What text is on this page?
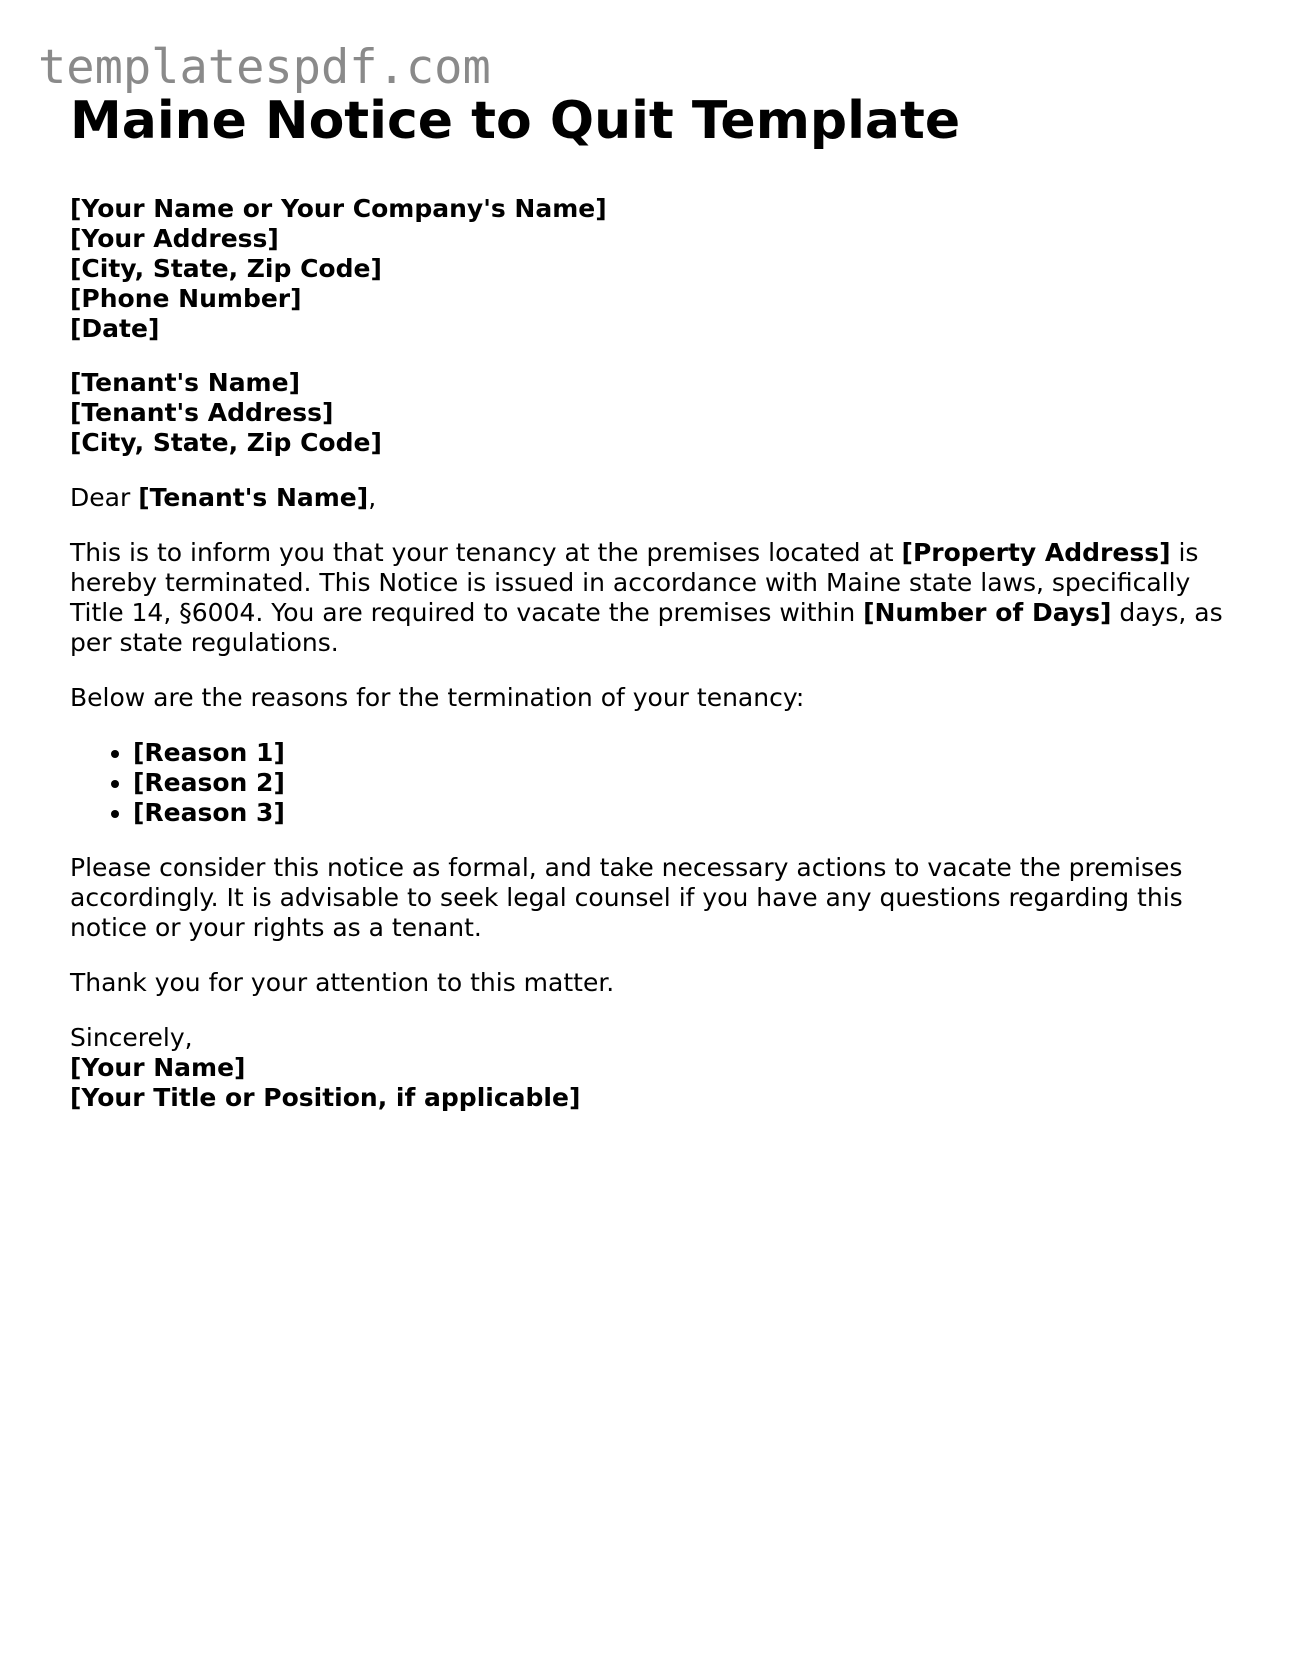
templatespdf.com
Maine Notice to Quit Template
[Your Name or Your Company's Name]
[Your Address]
[City, State, Zip Code]
[Phone Number]
[Date]
[Tenant's Name]
[Tenant's Address]
[City, State, Zip Code]

Dear [Tenant's Name],

This is to inform you that your tenancy at the premises located at [Property Address] is hereby terminated. This Notice is issued in accordance with Maine state laws, specifically Title 14, §6004. You are required to vacate the premises within [Number of Days] days, as per state regulations.

Below are the reasons for the termination of your tenancy:

• [Reason 1]
• [Reason 2]
• [Reason 3]

Please consider this notice as formal, and take necessary actions to vacate the premises accordingly. It is advisable to seek legal counsel if you have any questions regarding this notice or your rights as a tenant.

Thank you for your attention to this matter.

Sincerely,
[Your Name]
[Your Title or Position, if applicable]
